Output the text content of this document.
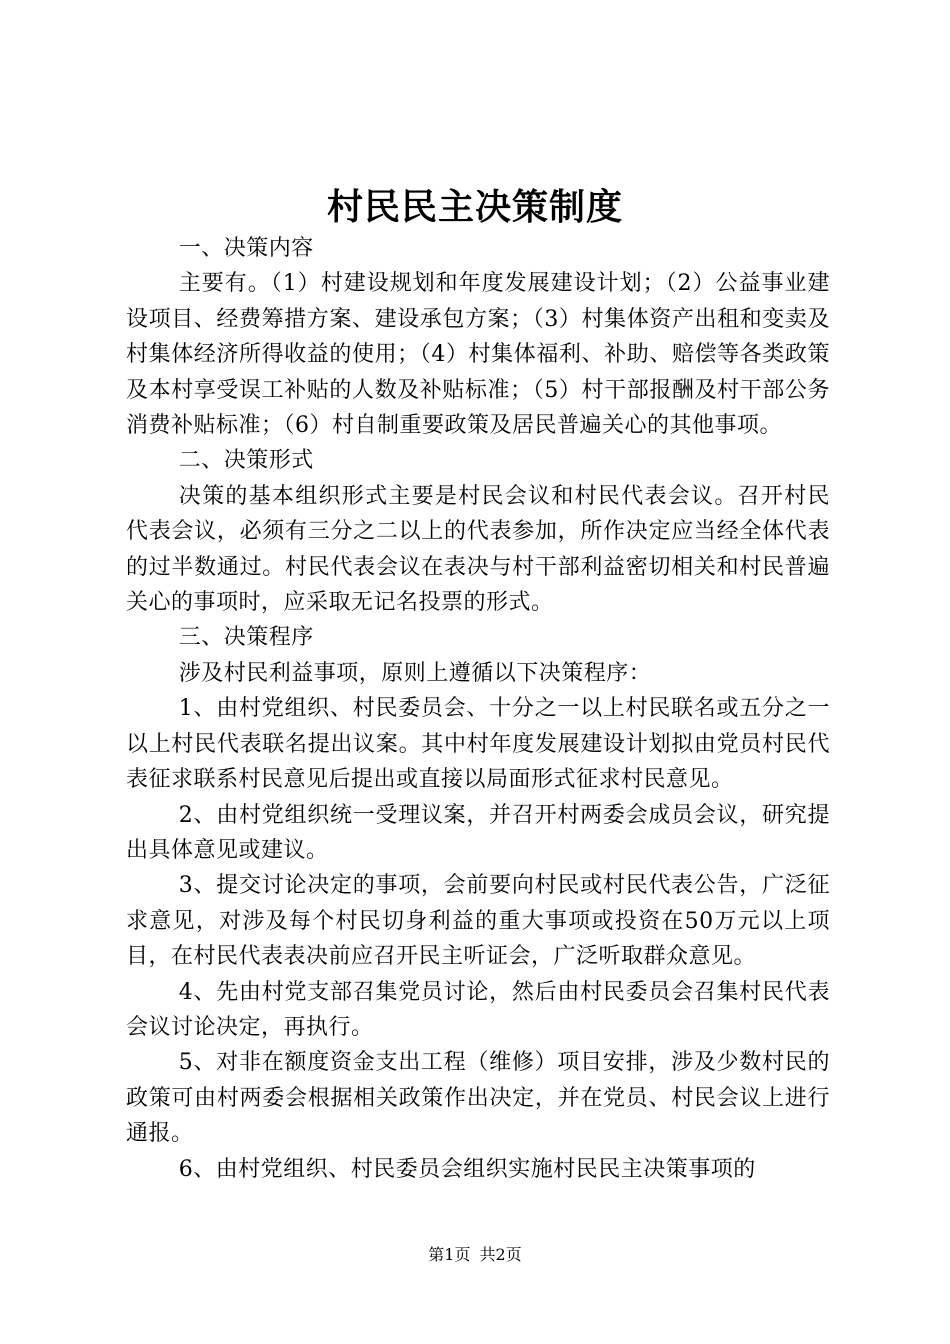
村民民主决策制度

一、决策内容

主要有。（1）村建设规划和年度发展建设计划；（2）公益事业建设项目、经费筹措方案、建设承包方案；（3）村集体资产出租和变卖及村集体经济所得收益的使用；（4）村集体福利、补助、赔偿等各类政策及本村享受误工补贴的人数及补贴标准；（5）村干部报酬及村干部公务消费补贴标准；（6）村自制重要政策及居民普遍关心的其他事项。

二、决策形式

决策的基本组织形式主要是村民会议和村民代表会议。召开村民代表会议，必须有三分之二以上的代表参加，所作决定应当经全体代表的过半数通过。村民代表会议在表决与村干部利益密切相关和村民普遍关心的事项时，应采取无记名投票的形式。

三、决策程序

涉及村民利益事项，原则上遵循以下决策程序：

1、由村党组织、村民委员会、十分之一以上村民联名或五分之一以上村民代表联名提出议案。其中村年度发展建设计划拟由党员村民代表征求联系村民意见后提出或直接以局面形式征求村民意见。

2、由村党组织统一受理议案，并召开村两委会成员会议，研究提出具体意见或建议。

3、提交讨论决定的事项，会前要向村民或村民代表公告，广泛征求意见，对涉及每个村民切身利益的重大事项或投资在50万元以上项目，在村民代表表决前应召开民主听证会，广泛听取群众意见。

4、先由村党支部召集党员讨论，然后由村民委员会召集村民代表会议讨论决定，再执行。

5、对非在额度资金支出工程（维修）项目安排，涉及少数村民的政策可由村两委会根据相关政策作出决定，并在党员、村民会议上进行通报。

6、由村党组织、村民委员会组织实施村民民主决策事项的

第1页 共2页
